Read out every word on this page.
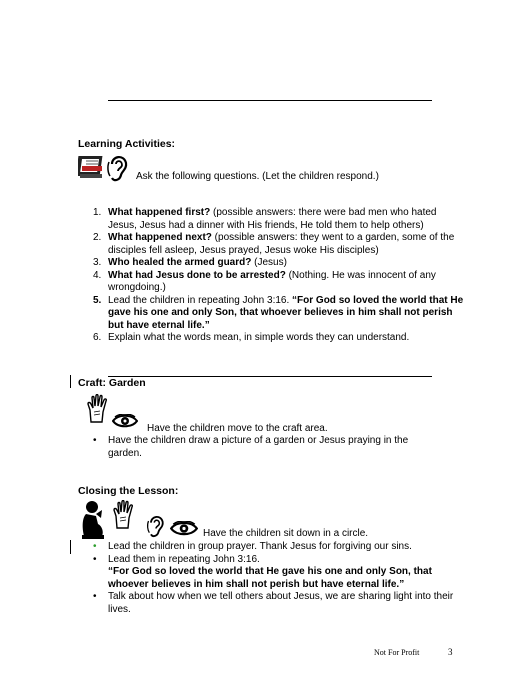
Learning Activities:
Ask the following questions. (Let the children respond.)
1. What happened first? (possible answers: there were bad men who hated Jesus, Jesus had a dinner with His friends, He told them to help others)
2. What happened next? (possible answers: they went to a garden, some of the disciples fell asleep, Jesus prayed, Jesus woke His disciples)
3. Who healed the armed guard? (Jesus)
4. What had Jesus done to be arrested? (Nothing. He was innocent of any wrongdoing.)
5. Lead the children in repeating John 3:16. “For God so loved the world that He gave his one and only Son, that whoever believes in him shall not perish but have eternal life.”
6. Explain what the words mean, in simple words they can understand.
Craft: Garden
Have the children move to the craft area.
• Have the children draw a picture of a garden or Jesus praying in the garden.
Closing the Lesson:
Have the children sit down in a circle.
• Lead the children in group prayer. Thank Jesus for forgiving our sins.
• Lead them in repeating John 3:16.
“For God so loved the world that He gave his one and only Son, that whoever believes in him shall not perish but have eternal life.”
• Talk about how when we tell others about Jesus, we are sharing light into their lives.
Not For Profit	3
